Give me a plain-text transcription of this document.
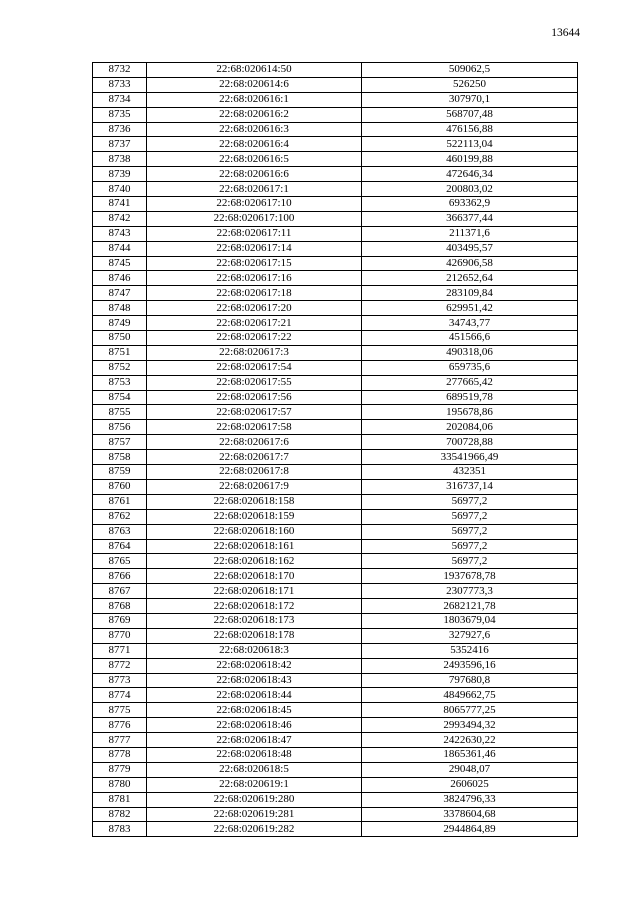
13644
8732	22:68:020614:50	509062,5
8733	22:68:020614:6	526250
8734	22:68:020616:1	307970,1
8735	22:68:020616:2	568707,48
8736	22:68:020616:3	476156,88
8737	22:68:020616:4	522113,04
8738	22:68:020616:5	460199,88
8739	22:68:020616:6	472646,34
8740	22:68:020617:1	200803,02
8741	22:68:020617:10	693362,9
8742	22:68:020617:100	366377,44
8743	22:68:020617:11	211371,6
8744	22:68:020617:14	403495,57
8745	22:68:020617:15	426906,58
8746	22:68:020617:16	212652,64
8747	22:68:020617:18	283109,84
8748	22:68:020617:20	629951,42
8749	22:68:020617:21	34743,77
8750	22:68:020617:22	451566,6
8751	22:68:020617:3	490318,06
8752	22:68:020617:54	659735,6
8753	22:68:020617:55	277665,42
8754	22:68:020617:56	689519,78
8755	22:68:020617:57	195678,86
8756	22:68:020617:58	202084,06
8757	22:68:020617:6	700728,88
8758	22:68:020617:7	33541966,49
8759	22:68:020617:8	432351
8760	22:68:020617:9	316737,14
8761	22:68:020618:158	56977,2
8762	22:68:020618:159	56977,2
8763	22:68:020618:160	56977,2
8764	22:68:020618:161	56977,2
8765	22:68:020618:162	56977,2
8766	22:68:020618:170	1937678,78
8767	22:68:020618:171	2307773,3
8768	22:68:020618:172	2682121,78
8769	22:68:020618:173	1803679,04
8770	22:68:020618:178	327927,6
8771	22:68:020618:3	5352416
8772	22:68:020618:42	2493596,16
8773	22:68:020618:43	797680,8
8774	22:68:020618:44	4849662,75
8775	22:68:020618:45	8065777,25
8776	22:68:020618:46	2993494,32
8777	22:68:020618:47	2422630,22
8778	22:68:020618:48	1865361,46
8779	22:68:020618:5	29048,07
8780	22:68:020619:1	2606025
8781	22:68:020619:280	3824796,33
8782	22:68:020619:281	3378604,68
8783	22:68:020619:282	2944864,89
